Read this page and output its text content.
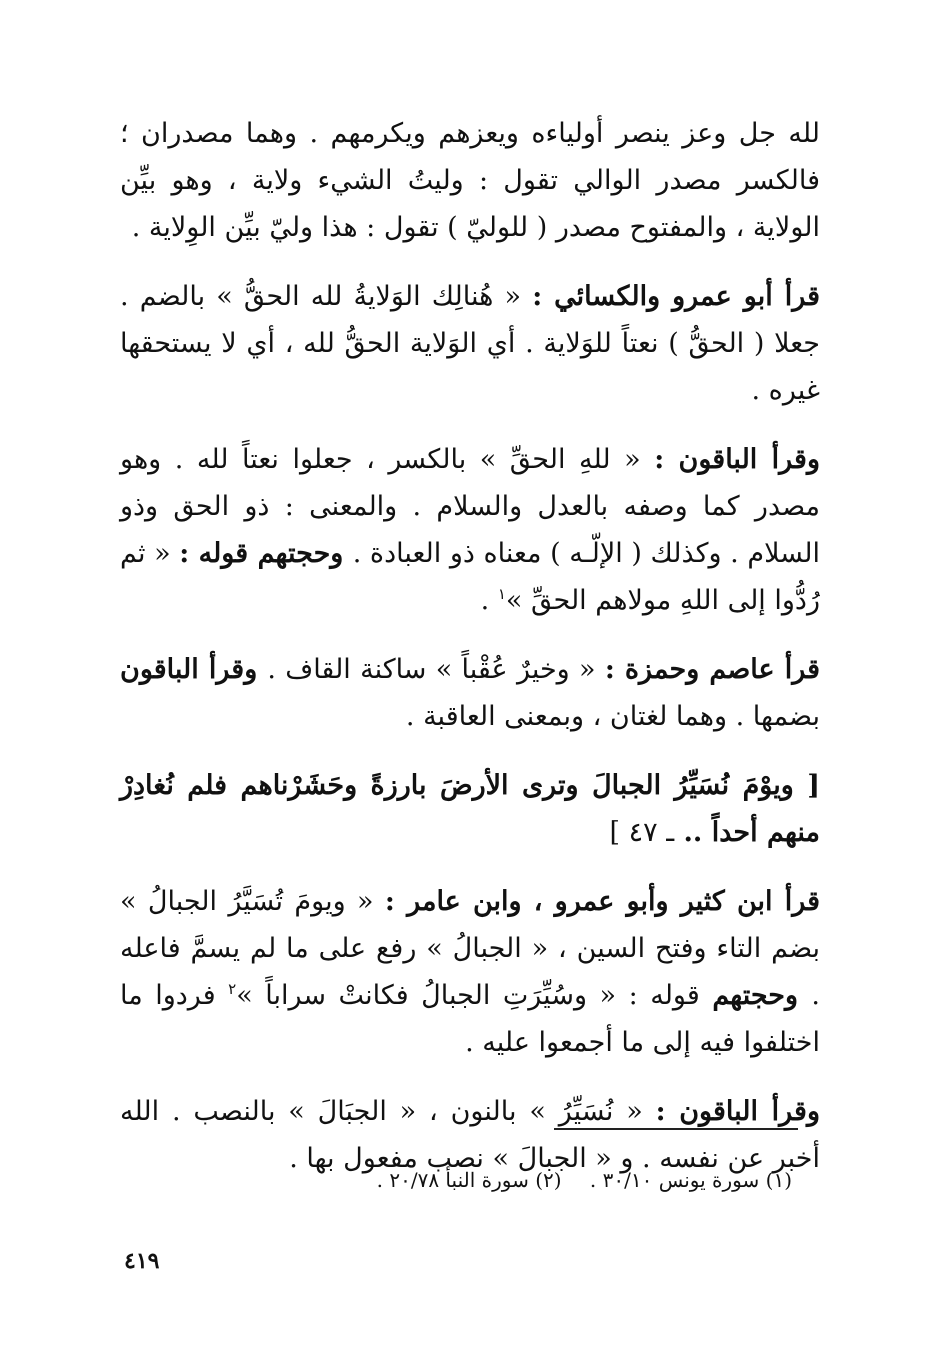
لله جل وعز ينصر أولياءه ويعزهم ويكرمهم . وهما مصدران ؛ فالكسر مصدر الوالي تقول : وليتُ الشيء ولاية ، وهو بيِّن الولاية ، والمفتوح مصدر ( للوليّ ) تقول : هذا وليّ بيِّن الوِلاية .

قرأ أبو عمرو والكسائي : « هُنالِك الوَلايةُ لله الحقُّ » بالضم . جعلا ( الحقُّ ) نعتاً للوَلاية . أي الوَلاية الحقُّ لله ، أي لا يستحقها غيره .

وقرأ الباقون : « للهِ الحقِّ » بالكسر ، جعلوا نعتاً لله . وهو مصدر كما وصفه بالعدل والسلام . والمعنى : ذو الحق وذو السلام . وكذلك ( الإلّـه ) معناه ذو العبادة . وحجتهم قوله : « ثم رُدُّوا إلى اللهِ مولاهم الحقِّ »$^١$ .

قرأ عاصم وحمزة : « وخيرٌ عُقْباً » ساكنة القاف . وقرأ الباقون بضمها . وهما لغتان ، وبمعنى العاقبة .

[ ويوْمَ نُسَيِّرُ الجبالَ وترى الأرضَ بارزةً وحَشَرْناهم فلم نُغادِرْ منهم أحداً .. ـ ٤٧ ]

قرأ ابن كثير وأبو عمرو ، وابن عامر : « ويومَ تُسَيَّرُ الجبالُ » بضم التاء وفتح السين ، « الجبالُ » رفع على ما لم يسمَّ فاعله . وحجتهم قوله : « وسُيِّرَتِ الجبالُ فكانتْ سراباً »$^٢$ فردوا ما اختلفوا فيه إلى ما أجمعوا عليه .

وقرأ الباقون : « نُسَيِّرُ » بالنون ، « الجبَالَ » بالنصب . الله أخبر عن نفسه . و « الجبالَ » نصب مفعول بها .

(١) سورة يونس ٣٠/١٠ . (٢) سورة النبأ ٢٠/٧٨ .
٤١٩
